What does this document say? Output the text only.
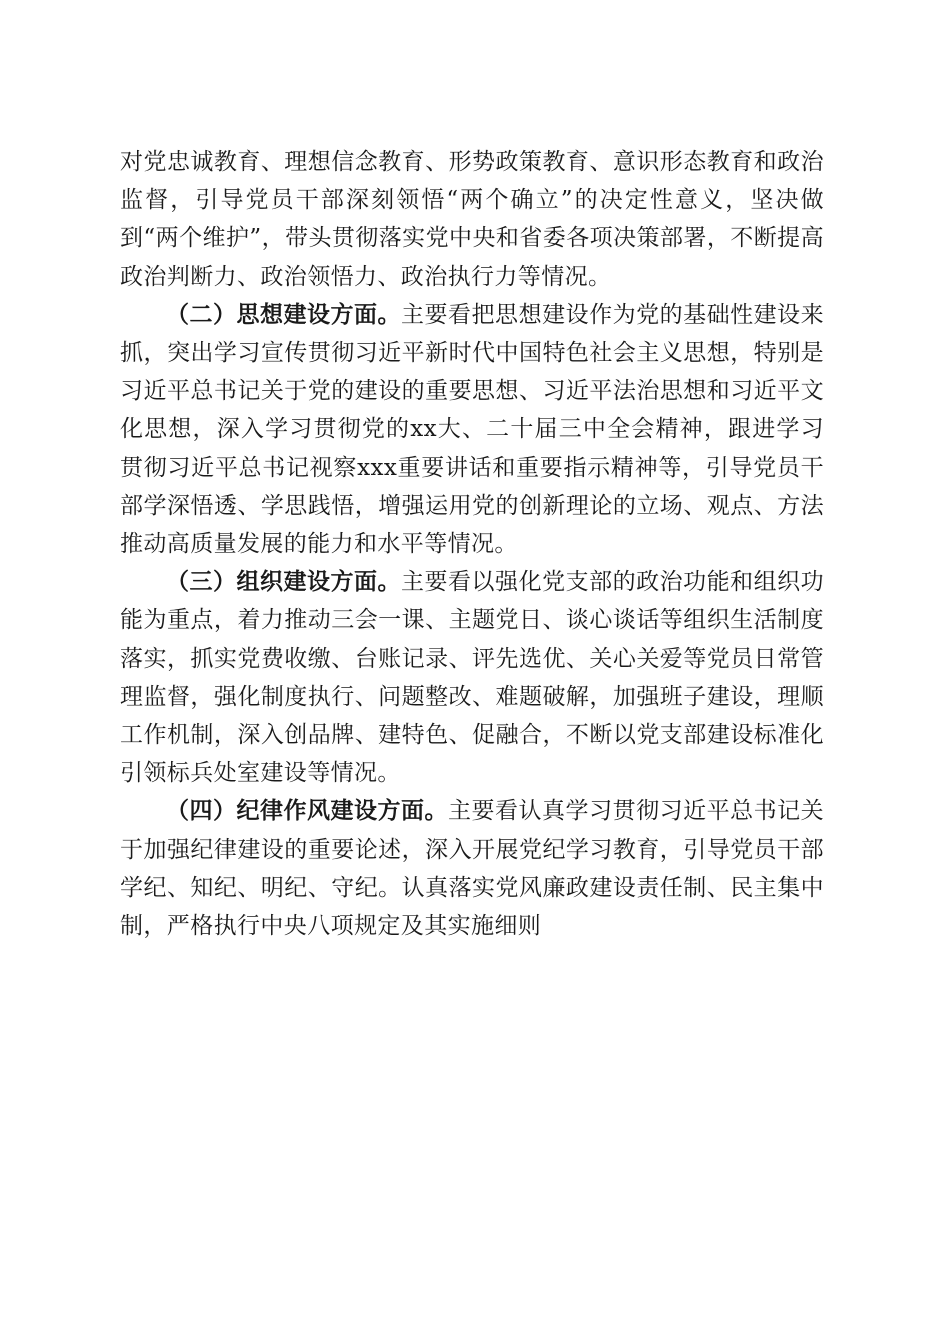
对党忠诚教育、理想信念教育、形势政策教育、意识形态教育和政治监督，引导党员干部深刻领悟“两个确立”的决定性意义，坚决做到“两个维护”，带头贯彻落实党中央和省委各项决策部署，不断提高政治判断力、政治领悟力、政治执行力等情况。

（二）思想建设方面。主要看把思想建设作为党的基础性建设来抓，突出学习宣传贯彻习近平新时代中国特色社会主义思想，特别是习近平总书记关于党的建设的重要思想、习近平法治思想和习近平文化思想，深入学习贯彻党的xx大、二十届三中全会精神，跟进学习贯彻习近平总书记视察xxx重要讲话和重要指示精神等，引导党员干部学深悟透、学思践悟，增强运用党的创新理论的立场、观点、方法推动高质量发展的能力和水平等情况。

（三）组织建设方面。主要看以强化党支部的政治功能和组织功能为重点，着力推动三会一课、主题党日、谈心谈话等组织生活制度落实，抓实党费收缴、台账记录、评先选优、关心关爱等党员日常管理监督，强化制度执行、问题整改、难题破解，加强班子建设，理顺工作机制，深入创品牌、建特色、促融合，不断以党支部建设标准化引领标兵处室建设等情况。

（四）纪律作风建设方面。主要看认真学习贯彻习近平总书记关于加强纪律建设的重要论述，深入开展党纪学习教育，引导党员干部学纪、知纪、明纪、守纪。认真落实党风廉政建设责任制、民主集中制，严格执行中央八项规定及其实施细则
